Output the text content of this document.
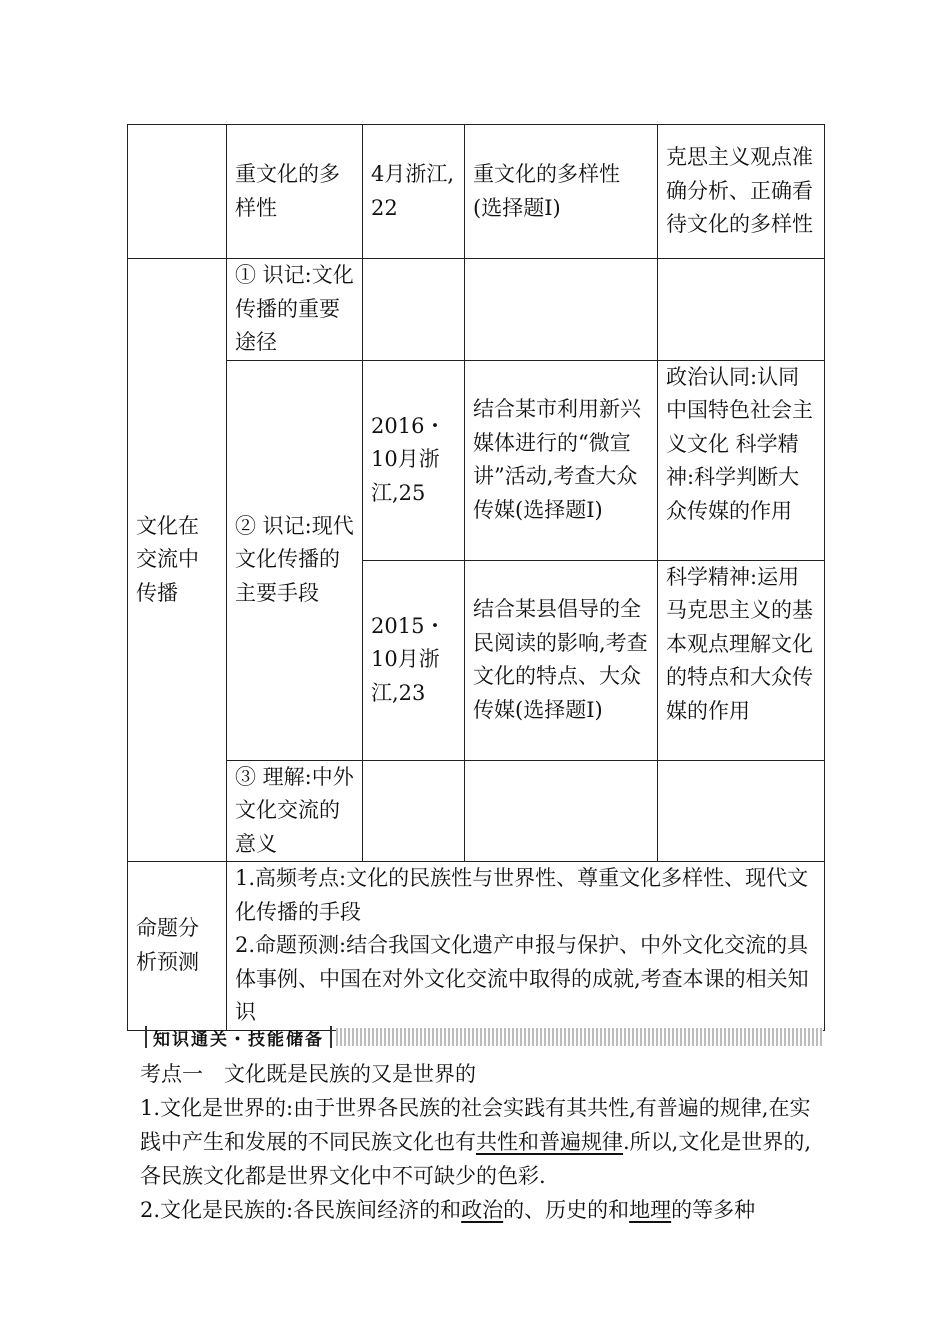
	重文化的多样性	4月浙江,22	重文化的多样性(选择题Ⅰ)	克思主义观点准确分析、正确看待文化的多样性
文化在交流中传播	① 识记:文化传播的重要途径			
	② 识记:现代文化传播的主要手段	2016・10月浙江,25	结合某市利用新兴媒体进行的“微宣讲”活动,考查大众传媒(选择题Ⅰ)	政治认同:认同中国特色社会主义文化 科学精神:科学判断大众传媒的作用
		2015・10月浙江,23	结合某县倡导的全民阅读的影响,考查文化的特点、大众传媒(选择题Ⅰ)	科学精神:运用马克思主义的基本观点理解文化的特点和大众传媒的作用
	③ 理解:中外文化交流的意义			
命题分析预测	1.高频考点:文化的民族性与世界性、尊重文化多样性、现代文化传播的手段
2.命题预测:结合我国文化遗产申报与保护、中外文化交流的具体事例、中国在对外文化交流中取得的成就,考查本课的相关知识			
知识通关・技能储备

考点一　文化既是民族的又是世界的

1.文化是世界的:由于世界各民族的社会实践有其共性,有普遍的规律,在实践中产生和发展的不同民族文化也有共性和普遍规律.所以,文化是世界的,各民族文化都是世界文化中不可缺少的色彩.

2.文化是民族的:各民族间经济的和政治的、历史的和地理的等多种
